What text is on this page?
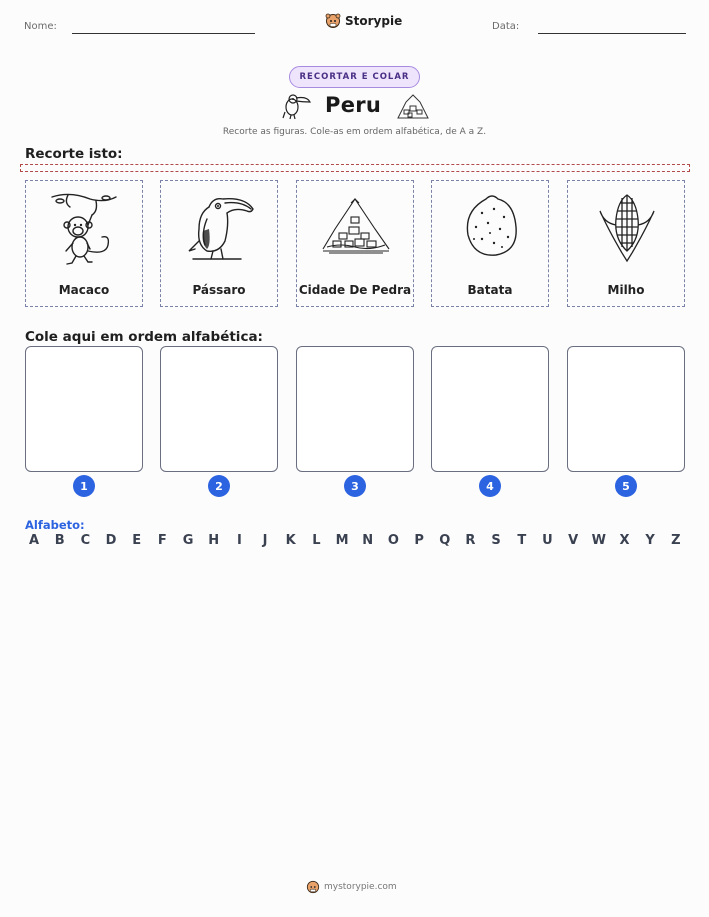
Nome:	Storypie	Data:
RECORTAR E COLAR
Peru
Recorte as figuras. Cole-as em ordem alfabética, de A a Z.
Recorte isto:
Macaco	Pássaro	Cidade De Pedra	Batata	Milho
Cole aqui em ordem alfabética:
1	2	3	4	5
Alfabeto:
A	B	C	D	E	F	G H	I	J	K	L	M N O	P	Q	R	S	T	U	V	W	X	Y	Z
mystorypie.com
